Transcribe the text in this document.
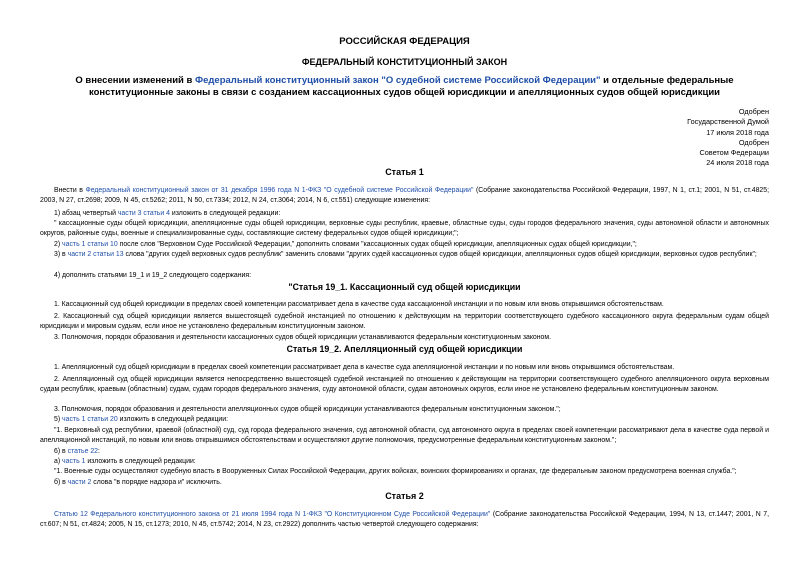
РОССИЙСКАЯ ФЕДЕРАЦИЯ
ФЕДЕРАЛЬНЫЙ КОНСТИТУЦИОННЫЙ ЗАКОН
О внесении изменений в Федеральный конституционный закон "О судебной системе Российской Федерации" и отдельные федеральные конституционные законы в связи с созданием кассационных судов общей юрисдикции и апелляционных судов общей юрисдикции
Одобрен
Государственной Думой
17 июля 2018 года
Одобрен
Советом Федерации
24 июля 2018 года
Статья 1

Внести в Федеральный конституционный закон от 31 декабря 1996 года N 1-ФКЗ "О судебной системе Российской Федерации" (Собрание законодательства Российской Федерации, 1997, N 1, ст.1; 2001, N 51, ст.4825; 2003, N 27, ст.2698; 2009, N 45, ст.5262; 2011, N 50, ст.7334; 2012, N 24, ст.3064; 2014, N 6, ст.551) следующие изменения:

1) абзац четвертый части 3 статьи 4 изложить в следующей редакции:

" кассационные суды общей юрисдикции, апелляционные суды общей юрисдикции, верховные суды республик, краевые, областные суды, суды городов федерального значения, суды автономной области и автономных округов, районные суды, военные и специализированные суды, составляющие систему федеральных судов общей юрисдикции;";

2) часть 1 статьи 10 после слов "Верховном Суде Российской Федерации," дополнить словами "кассационных судах общей юрисдикции, апелляционных судах общей юрисдикции,";

3) в части 2 статьи 13 слова "других судей верховных судов республик" заменить словами "других судей кассационных судов общей юрисдикции, апелляционных судов общей юрисдикции, верховных судов республик";

4) дополнить статьями 19_1 и 19_2 следующего содержания:

"Статья 19_1. Кассационный суд общей юрисдикции

1. Кассационный суд общей юрисдикции в пределах своей компетенции рассматривает дела в качестве суда кассационной инстанции и по новым или вновь открывшимся обстоятельствам.

2. Кассационный суд общей юрисдикции является вышестоящей судебной инстанцией по отношению к действующим на территории соответствующего судебного кассационного округа федеральным судам общей юрисдикции и мировым судьям, если иное не установлено федеральным конституционным законом.

3. Полномочия, порядок образования и деятельности кассационных судов общей юрисдикции устанавливаются федеральным конституционным законом.

Статья 19_2. Апелляционный суд общей юрисдикции

1. Апелляционный суд общей юрисдикции в пределах своей компетенции рассматривает дела в качестве суда апелляционной инстанции и по новым или вновь открывшимся обстоятельствам.

2. Апелляционный суд общей юрисдикции является непосредственно вышестоящей судебной инстанцией по отношению к действующим на территории соответствующего судебного апелляционного округа верховным судам республик, краевым (областным) судам, судам городов федерального значения, суду автономной области, судам автономных округов, если иное не установлено федеральным конституционным законом.

3. Полномочия, порядок образования и деятельности апелляционных судов общей юрисдикции устанавливаются федеральным конституционным законом.";

5) часть 1 статьи 20 изложить в следующей редакции:

"1. Верховный суд республики, краевой (областной) суд, суд города федерального значения, суд автономной области, суд автономного округа в пределах своей компетенции рассматривают дела в качестве суда первой и апелляционной инстанций, по новым или вновь открывшимся обстоятельствам и осуществляют другие полномочия, предусмотренные федеральным конституционным законом.";

6) в статье 22:

а) часть 1 изложить в следующей редакции:

"1. Военные суды осуществляют судебную власть в Вооруженных Силах Российской Федерации, других войсках, воинских формированиях и органах, где федеральным законом предусмотрена военная служба.";

б) в части 2 слова "в порядке надзора и" исключить.

Статья 2

Статью 12 Федерального конституционного закона от 21 июля 1994 года N 1-ФКЗ "О Конституционном Суде Российской Федерации" (Собрание законодательства Российской Федерации, 1994, N 13, ст.1447; 2001, N 7, ст.607; N 51, ст.4824; 2005, N 15, ст.1273; 2010, N 45, ст.5742; 2014, N 23, ст.2922) дополнить частью четвертой следующего содержания:
